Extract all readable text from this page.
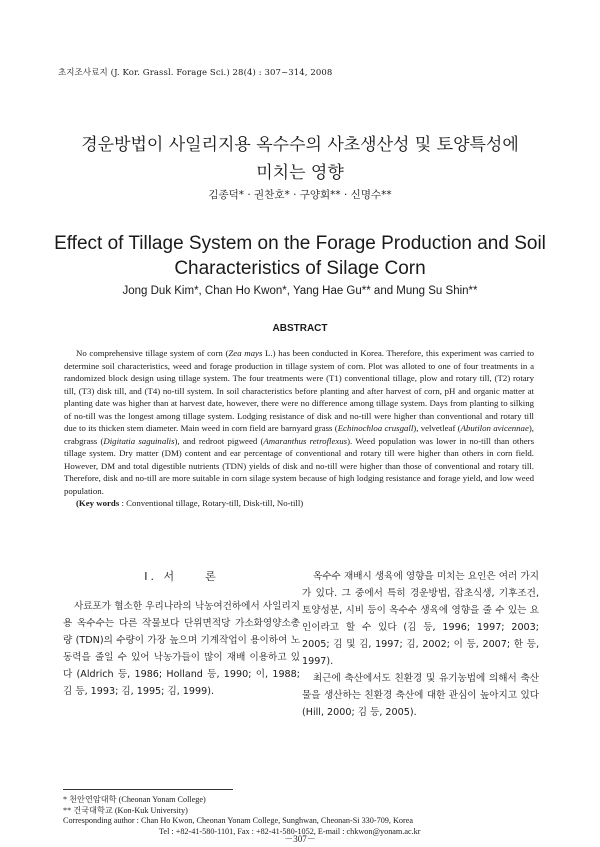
초지조사료지 (J. Kor. Grassl. Forage Sci.) 28(4) : 307~314, 2008
경운방법이 사일리지용 옥수수의 사초생산성 및 토양특성에
미치는 영향
김종덕* · 권찬호* · 구양회** · 신명수**
Effect of Tillage System on the Forage Production and Soil
Characteristics of Silage Corn
Jong Duk Kim*, Chan Ho Kwon*, Yang Hae Gu** and Mung Su Shin**
ABSTRACT

No comprehensive tillage system of corn (Zea mays L.) has been conducted in Korea. Therefore, this experiment was carried to determine soil characteristics, weed and forage production in tillage system of corn. Plot was alloted to one of four treatments in a randomized block design using tillage system. The four treatments were (T1) conventional tillage, plow and rotary till, (T2) rotary till, (T3) disk till, and (T4) no-till system. In soil characteristics before planting and after harvest of corn, pH and organic matter at planting date was higher than at harvest date, however, there were no difference among tillage system. Days from planting to silking of no-till was the longest among tillage system. Lodging resistance of disk and no-till were higher than conventional and rotary till due to its thicken stem diameter. Main weed in corn field are barnyard grass (Echinochloa crusgall), velvetleaf (Abutilon avicennae), crabgrass (Digitatia saguinalis), and redroot pigweed (Amaranthus retroflexus). Weed population was lower in no-till than others tillage system. Dry matter (DM) content and ear percentage of conventional and rotary till were higher than others in corn field. However, DM and total digestible nutrients (TDN) yields of disk and no-till were higher than those of conventional and rotary till. Therefore, disk and no-till are more suitable in corn silage system because of high lodging resistance and forage yield, and low weed population.

(Key words : Conventional tillage, Rotary-till, Disk-till, No-till)

Ⅰ. 서　　론

사료포가 협소한 우리나라의 낙농여건하에서 사일리지용 옥수수는 다른 작물보다 단위면적당 가소화영양소총량 (TDN)의 수량이 가장 높으며 기계작업이 용이하여 노동력을 줄일 수 있어 낙농가들이 많이 재배 이용하고 있다 (Aldrich 등, 1986; Holland 등, 1990; 이, 1988; 김 등, 1993; 김, 1995; 김, 1999).

옥수수 재배시 생육에 영향을 미치는 요인은 여러 가지가 있다. 그 중에서 특히 경운방법, 잡초식생, 기후조건, 토양성분, 시비 등이 옥수수 생육에 영향을 줄 수 있는 요인이라고 할 수 있다 (김 등, 1996; 1997; 2003; 2005; 김 및 김, 1997; 김, 2002; 이 등, 2007; 한 등, 1997).

최근에 축산에서도 친환경 및 유기농법에 의해서 축산물을 생산하는 친환경 축산에 대한 관심이 높아지고 있다 (Hill, 2000; 김 등, 2005).

* 천안연암대학 (Cheonan Yonam College)
** 건국대학교 (Kon-Kuk University)
Corresponding author : Chan Ho Kwon, Cheonan Yonam College, Sunghwan, Cheonan-Si 330-709, Korea
Tel : +82-41-580-1101, Fax : +82-41-580-1052, E-mail : chkwon@yonam.ac.kr
－307－
